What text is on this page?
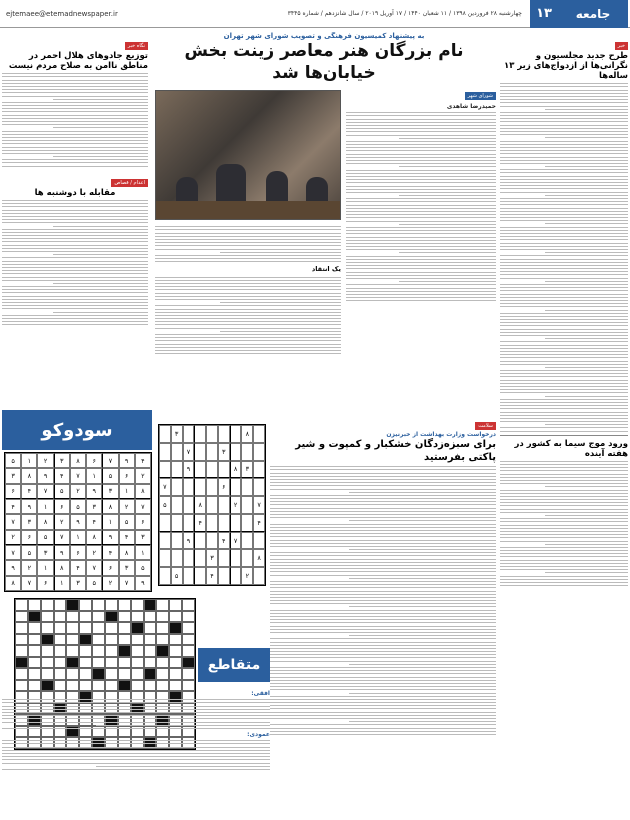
جامعه
۱۳
چهارشنبه ۲۸ فروردین ۱۳۹۸ / ۱۱ شعبان ۱۴۴۰ / ۱۷ آوریل ۲۰۱۹ / سال شانزدهم / شماره ۳۴۴۵
ejtemaee@etemadnewspaper.ir
خبر
طرح جدید مجلسیون و نگرانی‌ها از ازدواج‌های زیر ۱۳ ساله‌ها
ورود موج سیما به کشور در هفته آینده
به پیشنهاد کمیسیون فرهنگی و تصویب شورای شهر تهران
نام بزرگان هنر معاصر زینت بخش خیابان‌ها شد
شورای شهر
حمیدرضا شاهدی
یک انتقاد
نگاه خبر
توزیع جادوهای هلال احمر در مناطق ناامن به صلاح مردم نیست
اعدام / قصاص
مقابله با دوشنبه ها
سودوکو
۴
۹
۷
۶
۸
۳
۲
۱
۵
۲
۶
۵
۱
۷
۴
۹
۸
۳
۸
۱
۳
۹
۲
۵
۷
۴
۶
۷
۲
۸
۳
۵
۶
۱
۹
۴
۶
۵
۱
۴
۹
۲
۸
۳
۷
۳
۴
۹
۸
۱
۷
۵
۶
۲
۱
۸
۴
۲
۶
۹
۳
۵
۷
۵
۳
۶
۷
۴
۸
۱
۲
۹
۹
۷
۲
۵
۳
۱
۶
۷
۸
۸
۳
۳
۷
۳
۸
۹
۶
۷
۷
۲
۸
۵
۴
۴
۷
۴
۹
۸
۳
۲
۴
۵
متقاطع
افقی:
عمودی:
سلامت
درخواست وزارت بهداشت از خبرنیزن
برای سبزه‌زدگان خشکبار و کمپوت و شیر پاکتی بفرستید
